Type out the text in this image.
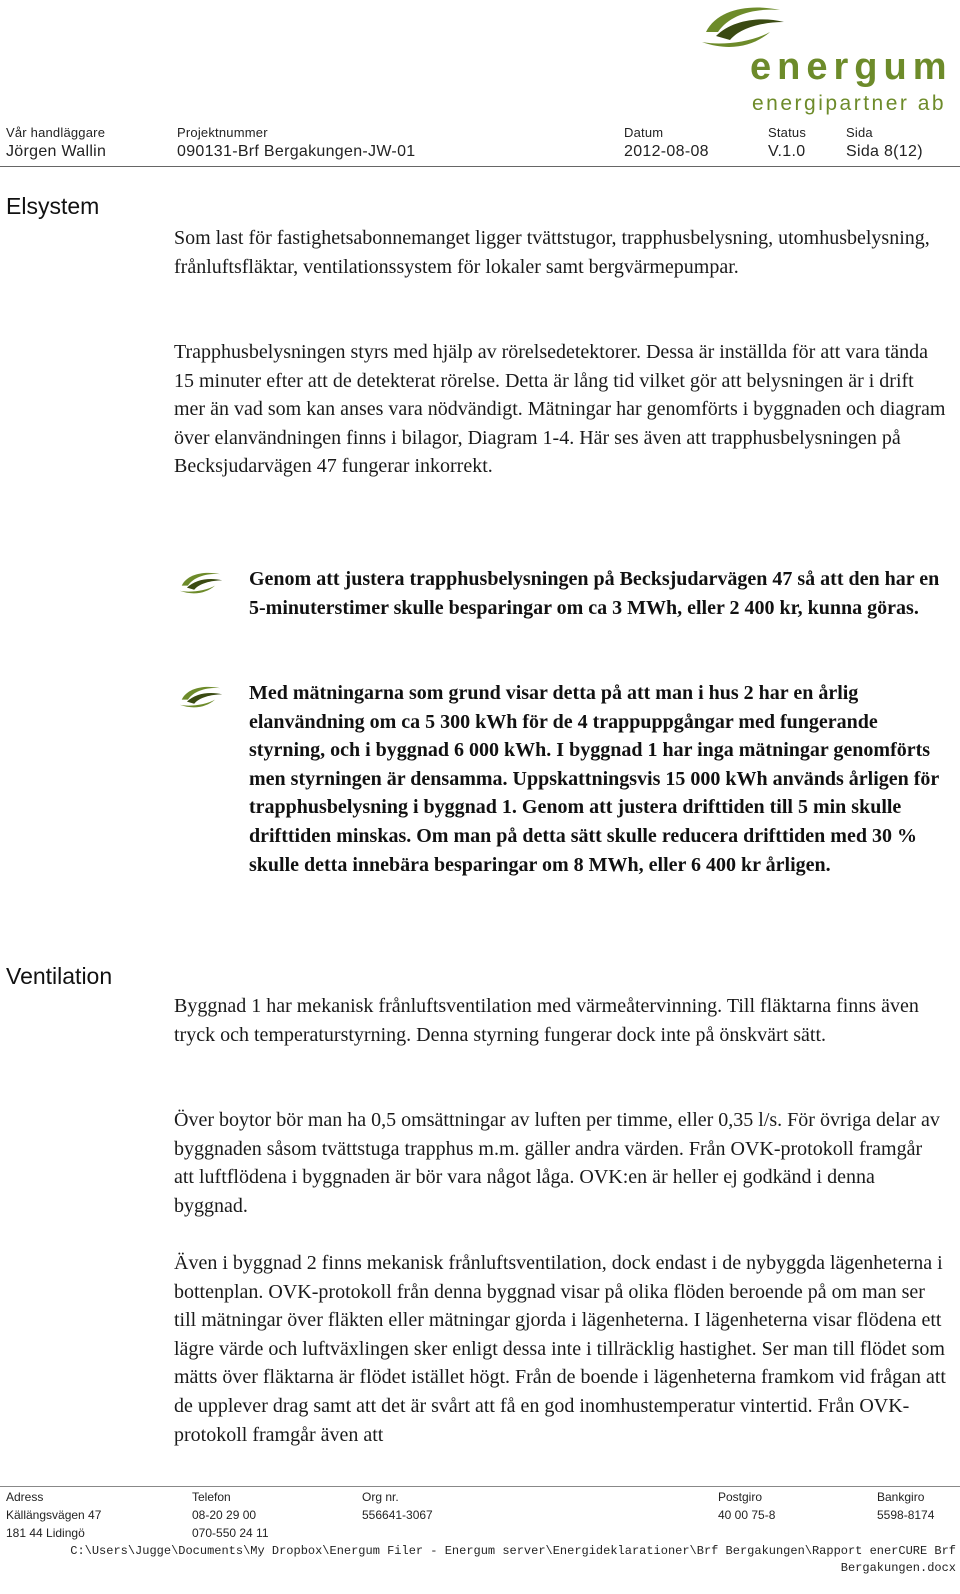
energum
energipartner ab
Vår handläggare
Jörgen Wallin
Projektnummer
090131-Brf Bergakungen-JW-01
Datum
2012-08-08
Status
V.1.0
Sida
Sida 8(12)
Elsystem

Som last för fastighetsabonnemanget ligger tvättstugor, trapphusbelysning, utomhusbelysning, frånluftsfläktar, ventilationssystem för lokaler samt bergvärmepumpar.

Trapphusbelysningen styrs med hjälp av rörelsedetektorer. Dessa är inställda för att vara tända 15 minuter efter att de detekterat rörelse. Detta är lång tid vilket gör att belysningen är i drift mer än vad som kan anses vara nödvändigt. Mätningar har genomförts i byggnaden och diagram över elanvändningen finns i bilagor, Diagram 1-4. Här ses även att trapphusbelysningen på Becksjudarvägen 47 fungerar inkorrekt.

Genom att justera trapphusbelysningen på Becksjudarvägen 47 så att den har en 5-minuterstimer skulle besparingar om ca 3 MWh, eller 2 400 kr, kunna göras.

Med mätningarna som grund visar detta på att man i hus 2 har en årlig elanvändning om ca 5 300 kWh för de 4 trappuppgångar med fungerande styrning, och i byggnad 6 000 kWh. I byggnad 1 har inga mätningar genomförts men styrningen är densamma. Uppskattningsvis 15 000 kWh används årligen för trapphusbelysning i byggnad 1. Genom att justera drifttiden till 5 min skulle drifttiden minskas. Om man på detta sätt skulle reducera drifttiden med 30 % skulle detta innebära besparingar om 8 MWh, eller 6 400 kr årligen.

Ventilation

Byggnad 1 har mekanisk frånluftsventilation med värmeåtervinning. Till fläktarna finns även tryck och temperaturstyrning. Denna styrning fungerar dock inte på önskvärt sätt.

Över boytor bör man ha 0,5 omsättningar av luften per timme, eller 0,35 l/s. För övriga delar av byggnaden såsom tvättstuga trapphus m.m. gäller andra värden. Från OVK-protokoll framgår att luftflödena i byggnaden är bör vara något låga. OVK:en är heller ej godkänd i denna byggnad.

Även i byggnad 2 finns mekanisk frånluftsventilation, dock endast i de nybyggda lägenheterna i bottenplan. OVK-protokoll från denna byggnad visar på olika flöden beroende på om man ser till mätningar över fläkten eller mätningar gjorda i lägenheterna. I lägenheterna visar flödena ett lägre värde och luftväxlingen sker enligt dessa inte i tillräcklig hastighet. Ser man till flödet som mätts över fläktarna är flödet istället högt. Från de boende i lägenheterna framkom vid frågan att de upplever drag samt att det är svårt att få en god inomhustemperatur vintertid. Från OVK-protokoll framgår även att

Adress
Källängsvägen 47
181 44 Lidingö
Telefon
08-20 29 00
070-550 24 11
Org nr.
556641-3067
Postgiro
40 00 75-8
Bankgiro
5598-8174
C:\Users\Jugge\Documents\My Dropbox\Energum Filer - Energum server\Energideklarationer\Brf Bergakungen\Rapport enerCURE Brf
Bergakungen.docx
